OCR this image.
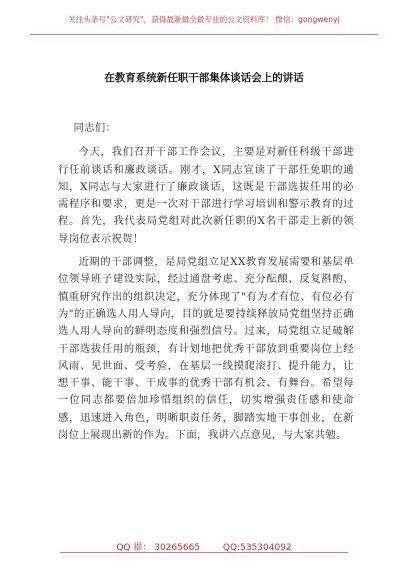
关注头条号"公文研究"，获得最新最全最专业的公文资料库！ 微信：gongwenyj
在教育系统新任职干部集体谈话会上的讲话

同志们：

今天，我们召开干部工作会议，主要是对新任科级干部进行任前谈话和廉政谈话。刚才，X同志宣读了干部任免职的通知，X同志与大家进行了廉政谈话，这既是干部选拔任用的必需程序和要求，更是一次对干部进行学习培训和警示教育的过程。首先，我代表局党组对此次新任职的X名干部走上新的领导岗位表示祝贺！

近期的干部调整，是局党组立足XX教育发展需要和基层单位领导班子建设实际，经过通盘考虑、充分酝酿、反复斟酌、慎重研究作出的组织决定，充分体现了"有为才有位、有位必有为"的正确选人用人导向，目的就是要持续释放局党组坚持正确选人用人导向的鲜明态度和强烈信号。过来，局党组立足破解干部选拔任用的瓶颈，有计划地把优秀干部放到重要岗位上经风雨、见世面、受考验，在基层一线摸爬滚打、提升能力，让想干事、能干事、干成事的优秀干部有机会、有舞台。希望每一位同志都要倍加珍惜组织的信任，切实增强责任感和使命感，迅速进入角色，明晰职责任务，脚踏实地干事创业，在新岗位上展现出新的作为。下面，我讲六点意见，与大家共勉。

QQ 群： 30265665	QQ:535304092
